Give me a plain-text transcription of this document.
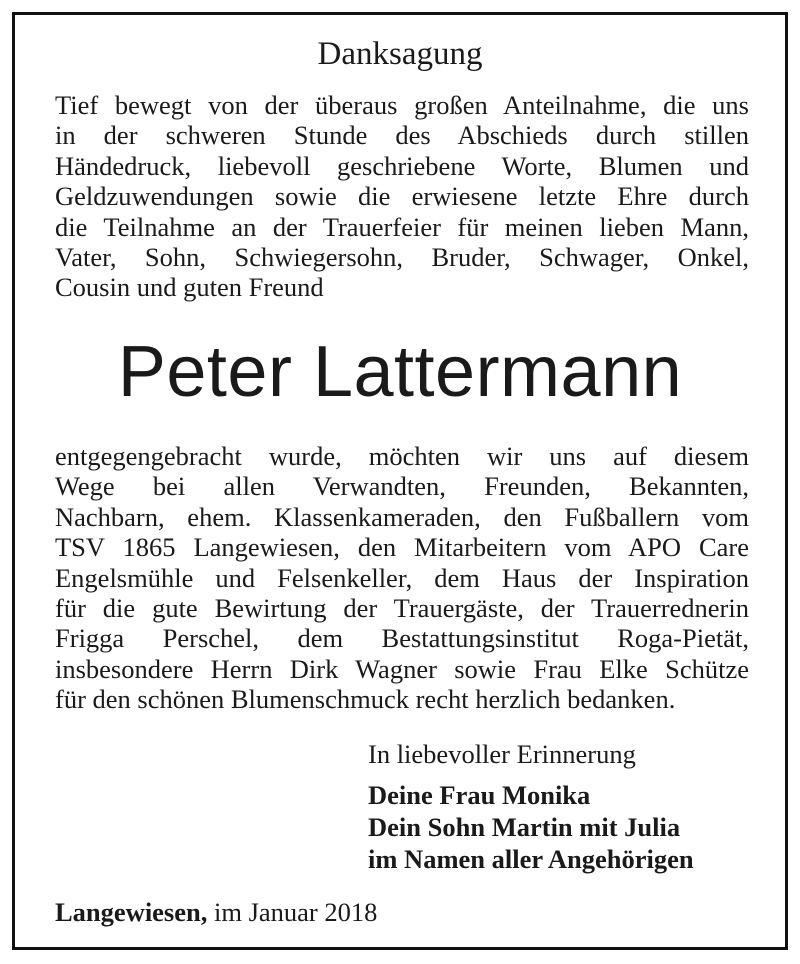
Danksagung
Tief bewegt von der überaus großen Anteilnahme, die uns
in der schweren Stunde des Abschieds durch stillen
Händedruck, liebevoll geschriebene Worte, Blumen und
Geldzuwendungen sowie die erwiesene letzte Ehre durch
die Teilnahme an der Trauerfeier für meinen lieben Mann,
Vater, Sohn, Schwiegersohn, Bruder, Schwager, Onkel,
Cousin und guten Freund
Peter Lattermann
entgegengebracht wurde, möchten wir uns auf diesem
Wege bei allen Verwandten, Freunden, Bekannten,
Nachbarn, ehem. Klassenkameraden, den Fußballern vom
TSV 1865 Langewiesen, den Mitarbeitern vom APO Care
Engelsmühle und Felsenkeller, dem Haus der Inspiration
für die gute Bewirtung der Trauergäste, der Trauerrednerin
Frigga Perschel, dem Bestattungsinstitut Roga-Pietät,
insbesondere Herrn Dirk Wagner sowie Frau Elke Schütze
für den schönen Blumenschmuck recht herzlich bedanken.
In liebevoller Erinnerung
Deine Frau Monika
Dein Sohn Martin mit Julia
im Namen aller Angehörigen
Langewiesen, im Januar 2018
